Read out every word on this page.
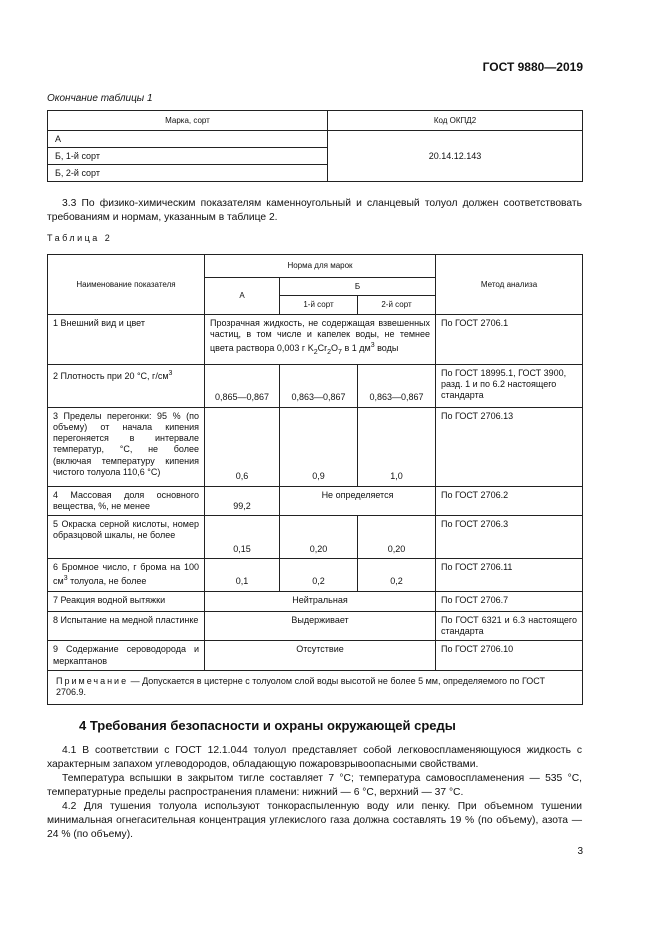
ГОСТ 9880—2019
Окончание таблицы 1
Марка, сорт	Код ОКПД2
А	20.14.12.143
Б, 1-й сорт	
Б, 2-й сорт	

3.3 По физико-химическим показателям каменноугольный и сланцевый толуол должен соответствовать требованиям и нормам, указанным в таблице 2.

Таблица 2
Наименование показателя	Норма для марок			Метод анализа
	А	Б		
		1-й сорт	2-й сорт	
1 Внешний вид и цвет	Прозрачная жидкость, не содержащая взвешенных частиц, в том числе и капелек воды, не темнее цвета раствора 0,003 г $K_2Cr_2O_7$ в 1 $дм^3$ воды			По ГОСТ 2706.1
2 Плотность при 20 °С, $г/см^3$	0,865—0,867	0,863—0,867	0,863—0,867	По ГОСТ 18995.1, ГОСТ 3900, разд. 1 и по 6.2 настоящего стандарта
3 Пределы перегонки: 95 % (по объему) от начала кипения перегоняется в интервале температур, °С, не более (включая температуру кипения чистого толуола 110,6 °С)	0,6	0,9	1,0	По ГОСТ 2706.13
4 Массовая доля основного вещества, %, не менее	99,2	Не определяется		По ГОСТ 2706.2
5 Окраска серной кислоты, номер образцовой шкалы, не более	0,15	0,20	0,20	По ГОСТ 2706.3
6 Бромное число, г брома на 100 $см^3$ толуола, не более	0,1	0,2	0,2	По ГОСТ 2706.11
7 Реакция водной вытяжки	Нейтральная			По ГОСТ 2706.7
8 Испытание на медной пластинке	Выдерживает			По ГОСТ 6321 и 6.3 настоящего стандарта
9 Содержание сероводорода и меркаптанов	Отсутствие			По ГОСТ 2706.10
Примечание — Допускается в цистерне с толуолом слой воды высотой не более 5 мм, определяемого по ГОСТ 2706.9.				
4 Требования безопасности и охраны окружающей среды

4.1 В соответствии с ГОСТ 12.1.044 толуол представляет собой легковоспламеняющуюся жидкость с характерным запахом углеводородов, обладающую пожаровзрывоопасными свойствами.

Температура вспышки в закрытом тигле составляет 7 °С; температура самовоспламенения — 535 °С, температурные пределы распространения пламени: нижний — 6 °С, верхний — 37 °С.

4.2 Для тушения толуола используют тонкораспыленную воду или пенку. При объемном тушении минимальная огнегасительная концентрация углекислого газа должна составлять 19 % (по объему), азота — 24 % (по объему).

3
